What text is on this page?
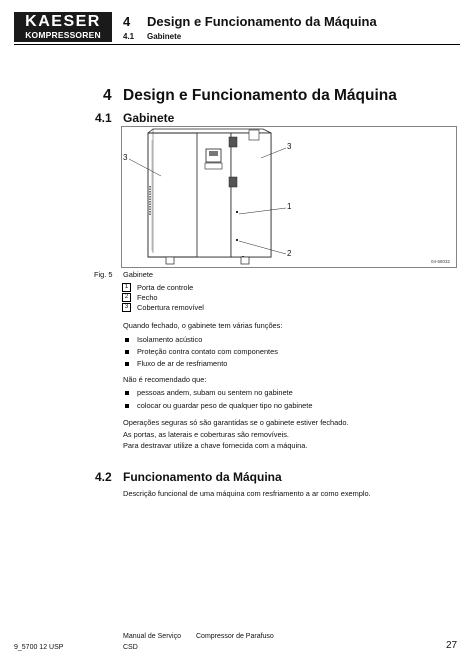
KAESER
KOMPRESSOREN
4 Design e Funcionamento da Máquina
4.1 Gabinete
4 Design e Funcionamento da Máquina
4.1 Gabinete
3
3
1
2
04-68032
Fig. 5 Gabinete
1	Porta de controle
2	Fecho
3	Cobertura removível
Quando fechado, o gabinete tem várias funções:
Isolamento acústico
Proteção contra contato com componentes
Fluxo de ar de resfriamento
Não é recomendado que:
pessoas andem, subam ou sentem no gabinete
colocar ou guardar peso de qualquer tipo no gabinete
Operações seguras só são garantidas se o gabinete estiver fechado.
As portas, as laterais e coberturas são removíveis.
Para destravar utilize a chave fornecida com a máquina.
4.2 Funcionamento da Máquina
Descrição funcional de uma máquina com resfriamento a ar como exemplo.
9_5700 12 USP
Manual de Serviço Compressor de Parafuso
CSD	27
